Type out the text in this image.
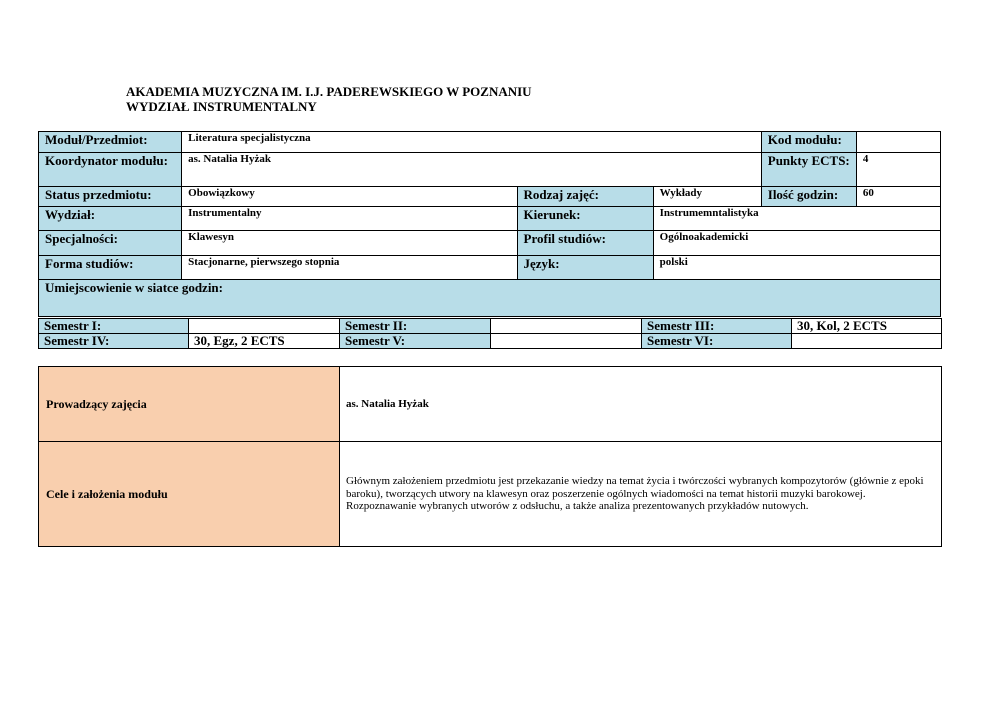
AKADEMIA MUZYCZNA IM. I.J. PADEREWSKIEGO W POZNANIU
WYDZIAŁ INSTRUMENTALNY
Moduł/Przedmiot:	Literatura specjalistyczna			Kod modułu:	
Koordynator modułu:	as. Natalia Hyżak			Punkty ECTS:	4
Status przedmiotu:	Obowiązkowy	Rodzaj zajęć:	Wykłady	Ilość godzin:	60
Wydział:	Instrumentalny	Kierunek:	Instrumemntalistyka		
Specjalności:	Klawesyn	Profil studiów:	Ogólnoakademicki		
Forma studiów:	Stacjonarne, pierwszego stopnia	Język:	polski		
Umiejscowienie w siatce godzin:					
Semestr I:		Semestr II:		Semestr III:	30, Kol, 2 ECTS
Semestr IV:	30, Egz, 2 ECTS	Semestr V:		Semestr VI:	
Prowadzący zajęcia	as. Natalia Hyżak
Cele i założenia modułu	Głównym założeniem przedmiotu jest przekazanie wiedzy na temat życia i twórczości wybranych kompozytorów (głównie z epoki baroku), tworzących utwory na klawesyn oraz poszerzenie ogólnych wiadomości na temat historii muzyki barokowej.

Rozpoznawanie wybranych utworów z odsłuchu, a także analiza prezentowanych przykładów nutowych.
